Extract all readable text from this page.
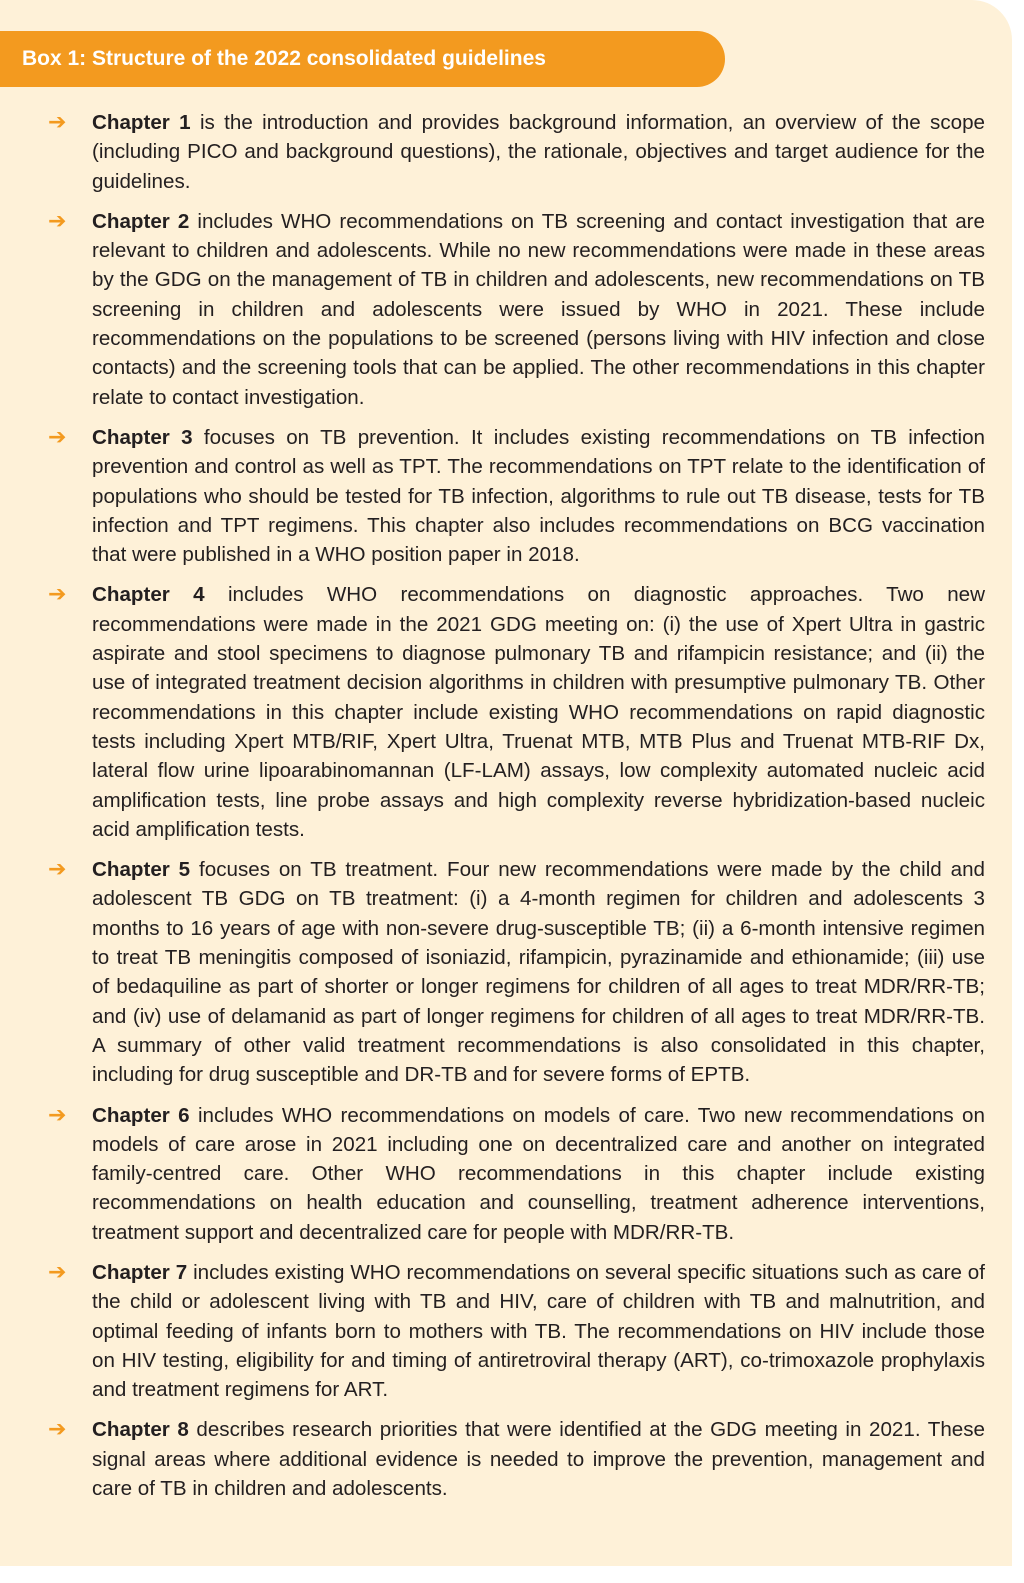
Box 1: Structure of the 2022 consolidated guidelines
➔ Chapter 1 is the introduction and provides background information, an overview of the scope (including PICO and background questions), the rationale, objectives and target audience for the guidelines.
➔ Chapter 2 includes WHO recommendations on TB screening and contact investigation that are relevant to children and adolescents. While no new recommendations were made in these areas by the GDG on the management of TB in children and adolescents, new recommendations on TB screening in children and adolescents were issued by WHO in 2021. These include recommendations on the populations to be screened (persons living with HIV infection and close contacts) and the screening tools that can be applied. The other recommendations in this chapter relate to contact investigation.
➔ Chapter 3 focuses on TB prevention. It includes existing recommendations on TB infection prevention and control as well as TPT. The recommendations on TPT relate to the identification of populations who should be tested for TB infection, algorithms to rule out TB disease, tests for TB infection and TPT regimens. This chapter also includes recommendations on BCG vaccination that were published in a WHO position paper in 2018.
➔ Chapter 4 includes WHO recommendations on diagnostic approaches. Two new recommendations were made in the 2021 GDG meeting on: (i) the use of Xpert Ultra in gastric aspirate and stool specimens to diagnose pulmonary TB and rifampicin resistance; and (ii) the use of integrated treatment decision algorithms in children with presumptive pulmonary TB. Other recommendations in this chapter include existing WHO recommendations on rapid diagnostic tests including Xpert MTB/RIF, Xpert Ultra, Truenat MTB, MTB Plus and Truenat MTB-RIF Dx, lateral flow urine lipoarabinomannan (LF-LAM) assays, low complexity automated nucleic acid amplification tests, line probe assays and high complexity reverse hybridization-based nucleic acid amplification tests.
➔ Chapter 5 focuses on TB treatment. Four new recommendations were made by the child and adolescent TB GDG on TB treatment: (i) a 4-month regimen for children and adolescents 3 months to 16 years of age with non-severe drug-susceptible TB; (ii) a 6-month intensive regimen to treat TB meningitis composed of isoniazid, rifampicin, pyrazinamide and ethionamide; (iii) use of bedaquiline as part of shorter or longer regimens for children of all ages to treat MDR/RR-TB; and (iv) use of delamanid as part of longer regimens for children of all ages to treat MDR/RR-TB. A summary of other valid treatment recommendations is also consolidated in this chapter, including for drug susceptible and DR-TB and for severe forms of EPTB.
➔ Chapter 6 includes WHO recommendations on models of care. Two new recommendations on models of care arose in 2021 including one on decentralized care and another on integrated family-centred care. Other WHO recommendations in this chapter include existing recommendations on health education and counselling, treatment adherence interventions, treatment support and decentralized care for people with MDR/RR-TB.
➔ Chapter 7 includes existing WHO recommendations on several specific situations such as care of the child or adolescent living with TB and HIV, care of children with TB and malnutrition, and optimal feeding of infants born to mothers with TB. The recommendations on HIV include those on HIV testing, eligibility for and timing of antiretroviral therapy (ART), co-trimoxazole prophylaxis and treatment regimens for ART.
➔ Chapter 8 describes research priorities that were identified at the GDG meeting in 2021. These signal areas where additional evidence is needed to improve the prevention, management and care of TB in children and adolescents.
